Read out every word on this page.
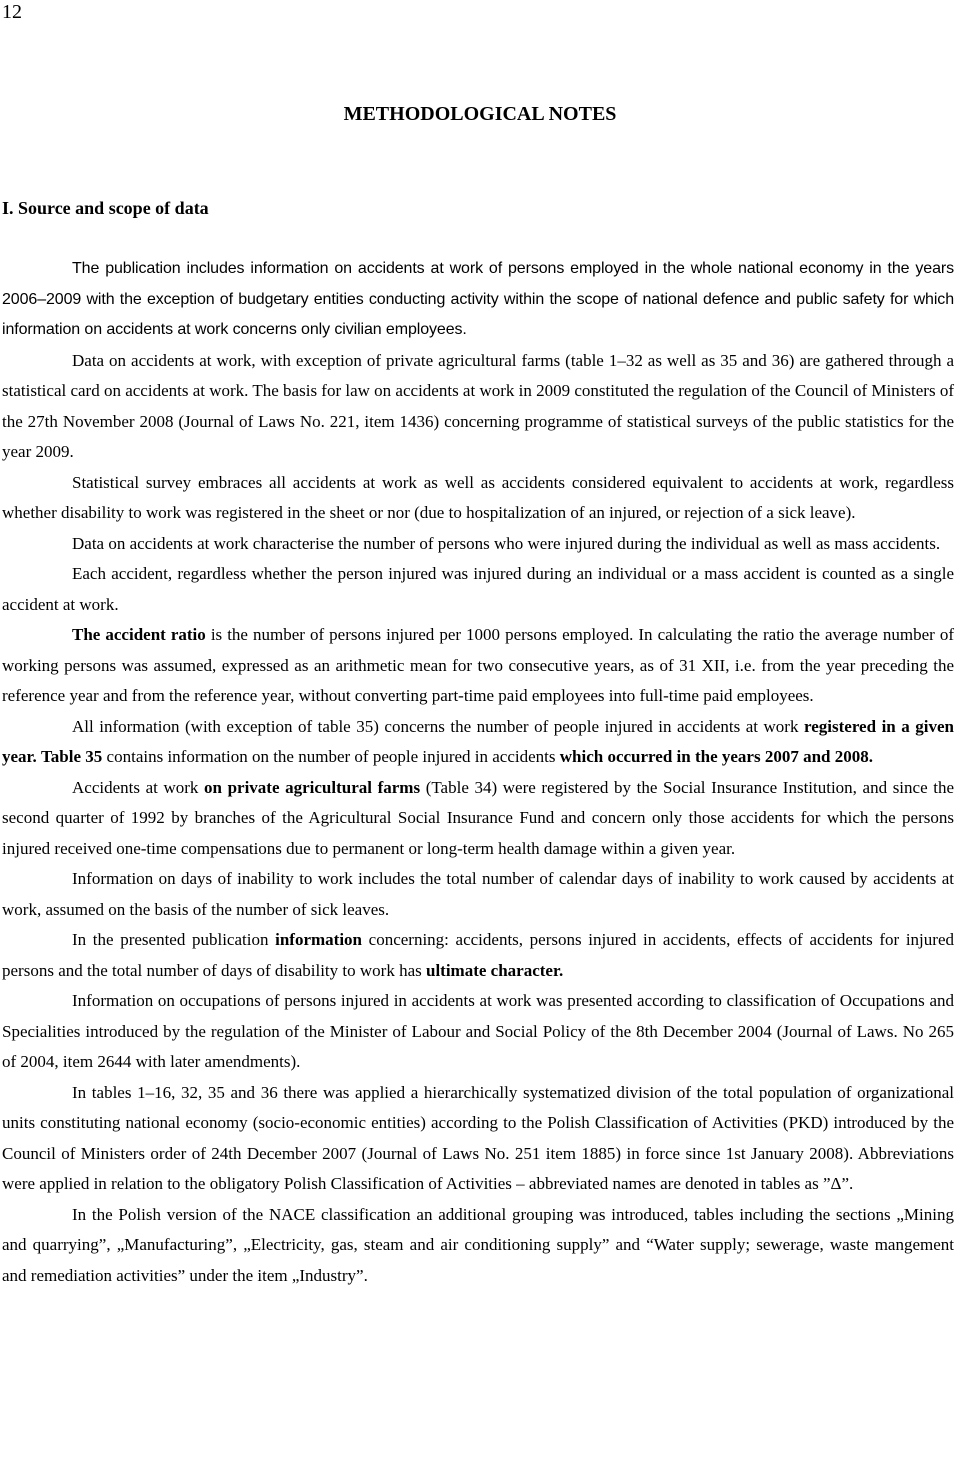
12
METHODOLOGICAL NOTES
I. Source and scope of data

The publication includes information on accidents at work of persons employed in the whole national economy in the years 2006–2009 with the exception of budgetary entities conducting activity within the scope of national defence and public safety for which information on accidents at work concerns only civilian employees.

Data on accidents at work, with exception of private agricultural farms (table 1–32 as well as 35 and 36) are gathered through a statistical card on accidents at work. The basis for law on accidents at work in 2009 constituted the regulation of the Council of Ministers of the 27th November 2008 (Journal of Laws No. 221, item 1436) concerning programme of statistical surveys of the public statistics for the year 2009.

Statistical survey embraces all accidents at work as well as accidents considered equivalent to accidents at work, regardless whether disability to work was registered in the sheet or nor (due to hospitalization of an injured, or rejection of a sick leave).

Data on accidents at work characterise the number of persons who were injured during the individual as well as mass accidents.

Each accident, regardless whether the person injured was injured during an individual or a mass accident is counted as a single accident at work.

The accident ratio is the number of persons injured per 1000 persons employed. In calculating the ratio the average number of working persons was assumed, expressed as an arithmetic mean for two consecutive years, as of 31 XII, i.e. from the year preceding the reference year and from the reference year, without converting part-time paid employees into full-time paid employees.

All information (with exception of table 35) concerns the number of people injured in accidents at work registered in a given year. Table 35 contains information on the number of people injured in accidents which occurred in the years 2007 and 2008.

Accidents at work on private agricultural farms (Table 34) were registered by the Social Insurance Institution, and since the second quarter of 1992 by branches of the Agricultural Social Insurance Fund and concern only those accidents for which the persons injured received one-time compensations due to permanent or long-term health damage within a given year.

Information on days of inability to work includes the total number of calendar days of inability to work caused by accidents at work, assumed on the basis of the number of sick leaves.

In the presented publication information concerning: accidents, persons injured in accidents, effects of accidents for injured persons and the total number of days of disability to work has ultimate character.

Information on occupations of persons injured in accidents at work was presented according to classification of Occupations and Specialities introduced by the regulation of the Minister of Labour and Social Policy of the 8th December 2004 (Journal of Laws. No 265 of 2004, item 2644 with later amendments).

In tables 1–16, 32, 35 and 36 there was applied a hierarchically systematized division of the total population of organizational units constituting national economy (socio-economic entities) according to the Polish Classification of Activities (PKD) introduced by the Council of Ministers order of 24th December 2007 (Journal of Laws No. 251 item 1885) in force since 1st January 2008). Abbreviations were applied in relation to the obligatory Polish Classification of Activities – abbreviated names are denoted in tables as ”Δ”.

In the Polish version of the NACE classification an additional grouping was introduced, tables including the sections „Mining and quarrying”, „Manufacturing”, „Electricity, gas, steam and air conditioning supply” and “Water supply; sewerage, waste mangement and remediation activities” under the item „Industry”.
